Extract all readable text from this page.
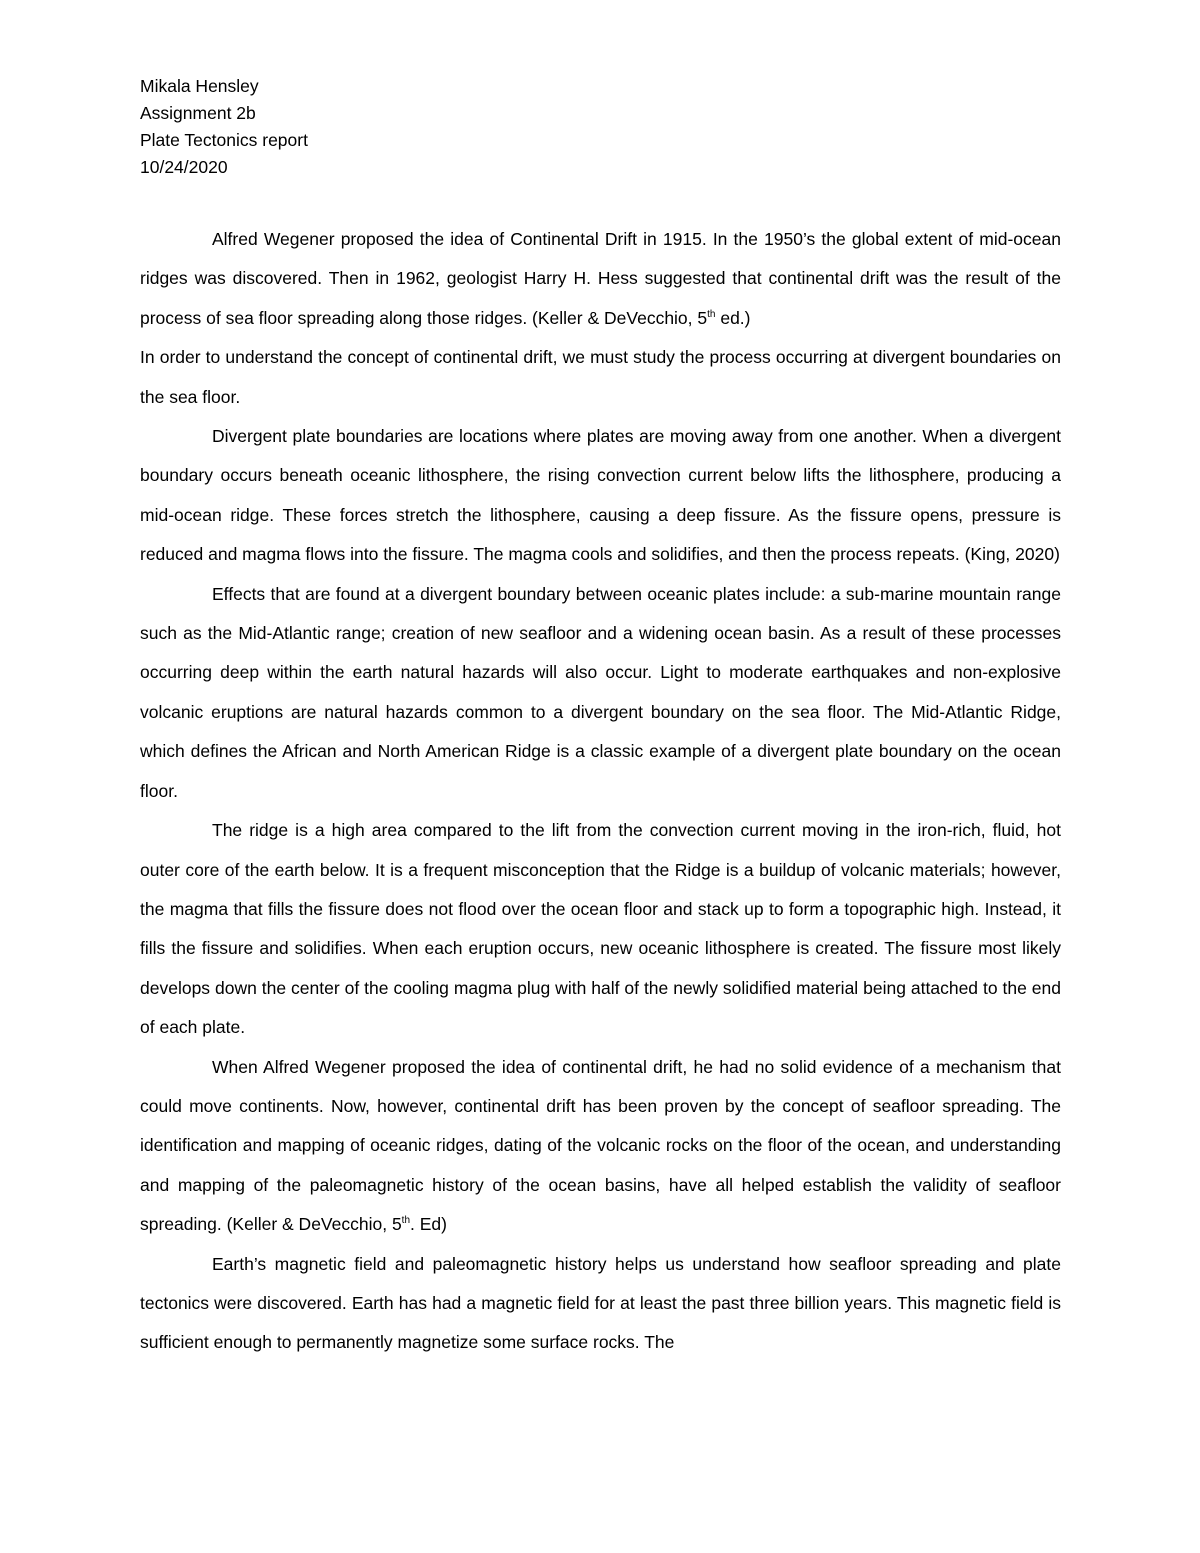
Mikala Hensley
Assignment 2b
Plate Tectonics report
10/24/2020

Alfred Wegener proposed the idea of Continental Drift in 1915. In the 1950’s the global extent of mid-ocean ridges was discovered. Then in 1962, geologist Harry H. Hess suggested that continental drift was the result of the process of sea floor spreading along those ridges. (Keller & DeVecchio, 5th ed.)

In order to understand the concept of continental drift, we must study the process occurring at divergent boundaries on the sea floor.

Divergent plate boundaries are locations where plates are moving away from one another. When a divergent boundary occurs beneath oceanic lithosphere, the rising convection current below lifts the lithosphere, producing a mid-ocean ridge. These forces stretch the lithosphere, causing a deep fissure. As the fissure opens, pressure is reduced and magma flows into the fissure. The magma cools and solidifies, and then the process repeats. (King, 2020)

Effects that are found at a divergent boundary between oceanic plates include: a sub-marine mountain range such as the Mid-Atlantic range; creation of new seafloor and a widening ocean basin. As a result of these processes occurring deep within the earth natural hazards will also occur. Light to moderate earthquakes and non-explosive volcanic eruptions are natural hazards common to a divergent boundary on the sea floor. The Mid-Atlantic Ridge, which defines the African and North American Ridge is a classic example of a divergent plate boundary on the ocean floor.

The ridge is a high area compared to the lift from the convection current moving in the iron-rich, fluid, hot outer core of the earth below. It is a frequent misconception that the Ridge is a buildup of volcanic materials; however, the magma that fills the fissure does not flood over the ocean floor and stack up to form a topographic high. Instead, it fills the fissure and solidifies. When each eruption occurs, new oceanic lithosphere is created. The fissure most likely develops down the center of the cooling magma plug with half of the newly solidified material being attached to the end of each plate.

When Alfred Wegener proposed the idea of continental drift, he had no solid evidence of a mechanism that could move continents. Now, however, continental drift has been proven by the concept of seafloor spreading. The identification and mapping of oceanic ridges, dating of the volcanic rocks on the floor of the ocean, and understanding and mapping of the paleomagnetic history of the ocean basins, have all helped establish the validity of seafloor spreading. (Keller & DeVecchio, 5th. Ed)

Earth’s magnetic field and paleomagnetic history helps us understand how seafloor spreading and plate tectonics were discovered. Earth has had a magnetic field for at least the past three billion years. This magnetic field is sufficient enough to permanently magnetize some surface rocks. The
